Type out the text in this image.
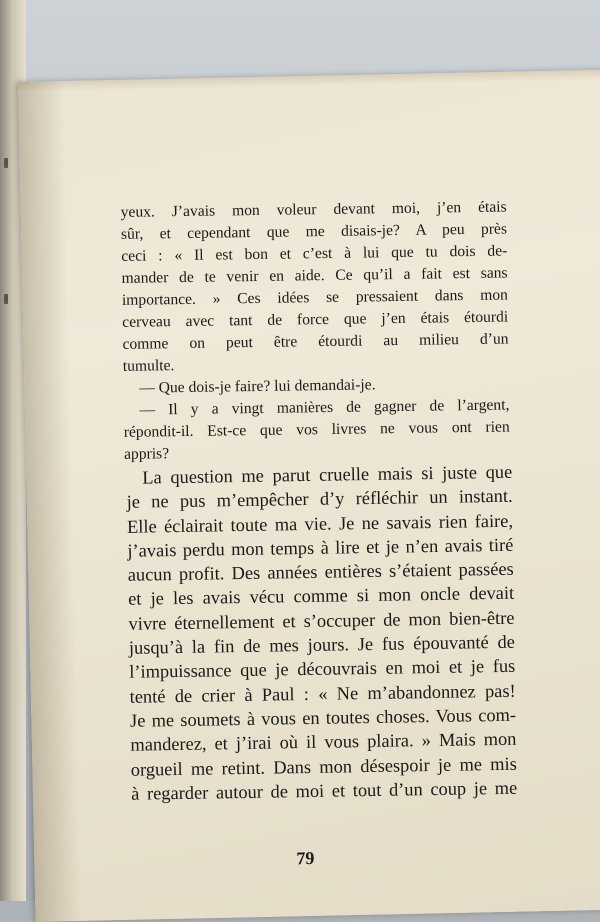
yeux. J’avais mon voleur devant moi, j’en étais
sûr, et cependant que me disais-je? A peu près
ceci : « Il est bon et c’est à lui que tu dois de-
mander de te venir en aide. Ce qu’il a fait est sans
importance. » Ces idées se pressaient dans mon
cerveau avec tant de force que j’en étais étourdi
comme on peut être étourdi au milieu d’un
tumulte.
— Que dois-je faire? lui demandai-je.
— Il y a vingt manières de gagner de l’argent,
répondit-il. Est-ce que vos livres ne vous ont rien
appris?
La question me parut cruelle mais si juste que
je ne pus m’empêcher d’y réfléchir un instant.
Elle éclairait toute ma vie. Je ne savais rien faire,
j’avais perdu mon temps à lire et je n’en avais tiré
aucun profit. Des années entières s’étaient passées
et je les avais vécu comme si mon oncle devait
vivre éternellement et s’occuper de mon bien-être
jusqu’à la fin de mes jours. Je fus épouvanté de
l’impuissance que je découvrais en moi et je fus
tenté de crier à Paul : « Ne m’abandonnez pas!
Je me soumets à vous en toutes choses. Vous com-
manderez, et j’irai où il vous plaira. » Mais mon
orgueil me retint. Dans mon désespoir je me mis
à regarder autour de moi et tout d’un coup je me
79
